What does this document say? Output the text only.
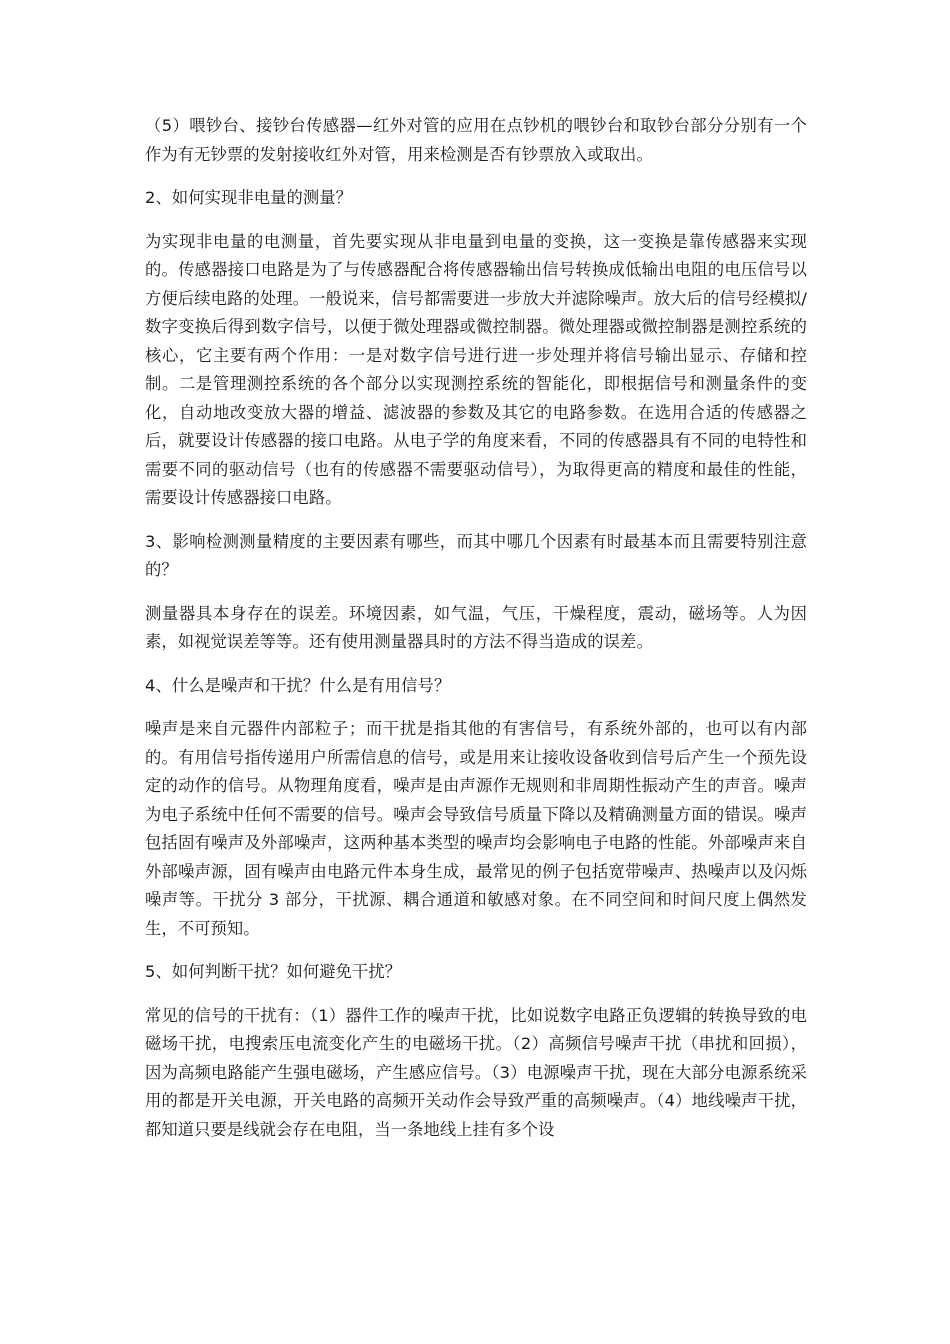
（5）喂钞台、接钞台传感器—红外对管的应用在点钞机的喂钞台和取钞台部分分别有一个作为有无钞票的发射接收红外对管，用来检测是否有钞票放入或取出。

2、如何实现非电量的测量？

为实现非电量的电测量，首先要实现从非电量到电量的变换，这一变换是靠传感器来实现的。传感器接口电路是为了与传感器配合将传感器输出信号转换成低输出电阻的电压信号以方便后续电路的处理。一般说来，信号都需要进一步放大并滤除噪声。放大后的信号经模拟/数字变换后得到数字信号，以便于微处理器或微控制器。微处理器或微控制器是测控系统的核心，它主要有两个作用：一是对数字信号进行进一步处理并将信号输出显示、存储和控制。二是管理测控系统的各个部分以实现测控系统的智能化，即根据信号和测量条件的变化，自动地改变放大器的增益、滤波器的参数及其它的电路参数。在选用合适的传感器之后，就要设计传感器的接口电路。从电子学的角度来看，不同的传感器具有不同的电特性和需要不同的驱动信号（也有的传感器不需要驱动信号），为取得更高的精度和最佳的性能，需要设计传感器接口电路。

3、影响检测测量精度的主要因素有哪些，而其中哪几个因素有时最基本而且需要特别注意的？

测量器具本身存在的误差。环境因素，如气温，气压，干燥程度，震动，磁场等。人为因素，如视觉误差等等。还有使用测量器具时的方法不得当造成的误差。

4、什么是噪声和干扰？什么是有用信号？

噪声是来自元器件内部粒子；而干扰是指其他的有害信号，有系统外部的，也可以有内部的。有用信号指传递用户所需信息的信号，或是用来让接收设备收到信号后产生一个预先设定的动作的信号。从物理角度看，噪声是由声源作无规则和非周期性振动产生的声音。噪声为电子系统中任何不需要的信号。噪声会导致信号质量下降以及精确测量方面的错误。噪声包括固有噪声及外部噪声，这两种基本类型的噪声均会影响电子电路的性能。外部噪声来自外部噪声源，固有噪声由电路元件本身生成，最常见的例子包括宽带噪声、热噪声以及闪烁噪声等。干扰分 3 部分，干扰源、耦合通道和敏感对象。在不同空间和时间尺度上偶然发生，不可预知。

5、如何判断干扰？如何避免干扰？

常见的信号的干扰有：（1）器件工作的噪声干扰，比如说数字电路正负逻辑的转换导致的电磁场干扰，电搜索压电流变化产生的电磁场干扰。（2）高频信号噪声干扰（串扰和回损），因为高频电路能产生强电磁场，产生感应信号。（3）电源噪声干扰，现在大部分电源系统采用的都是开关电源，开关电路的高频开关动作会导致严重的高频噪声。（4）地线噪声干扰，都知道只要是线就会存在电阻，当一条地线上挂有多个设
